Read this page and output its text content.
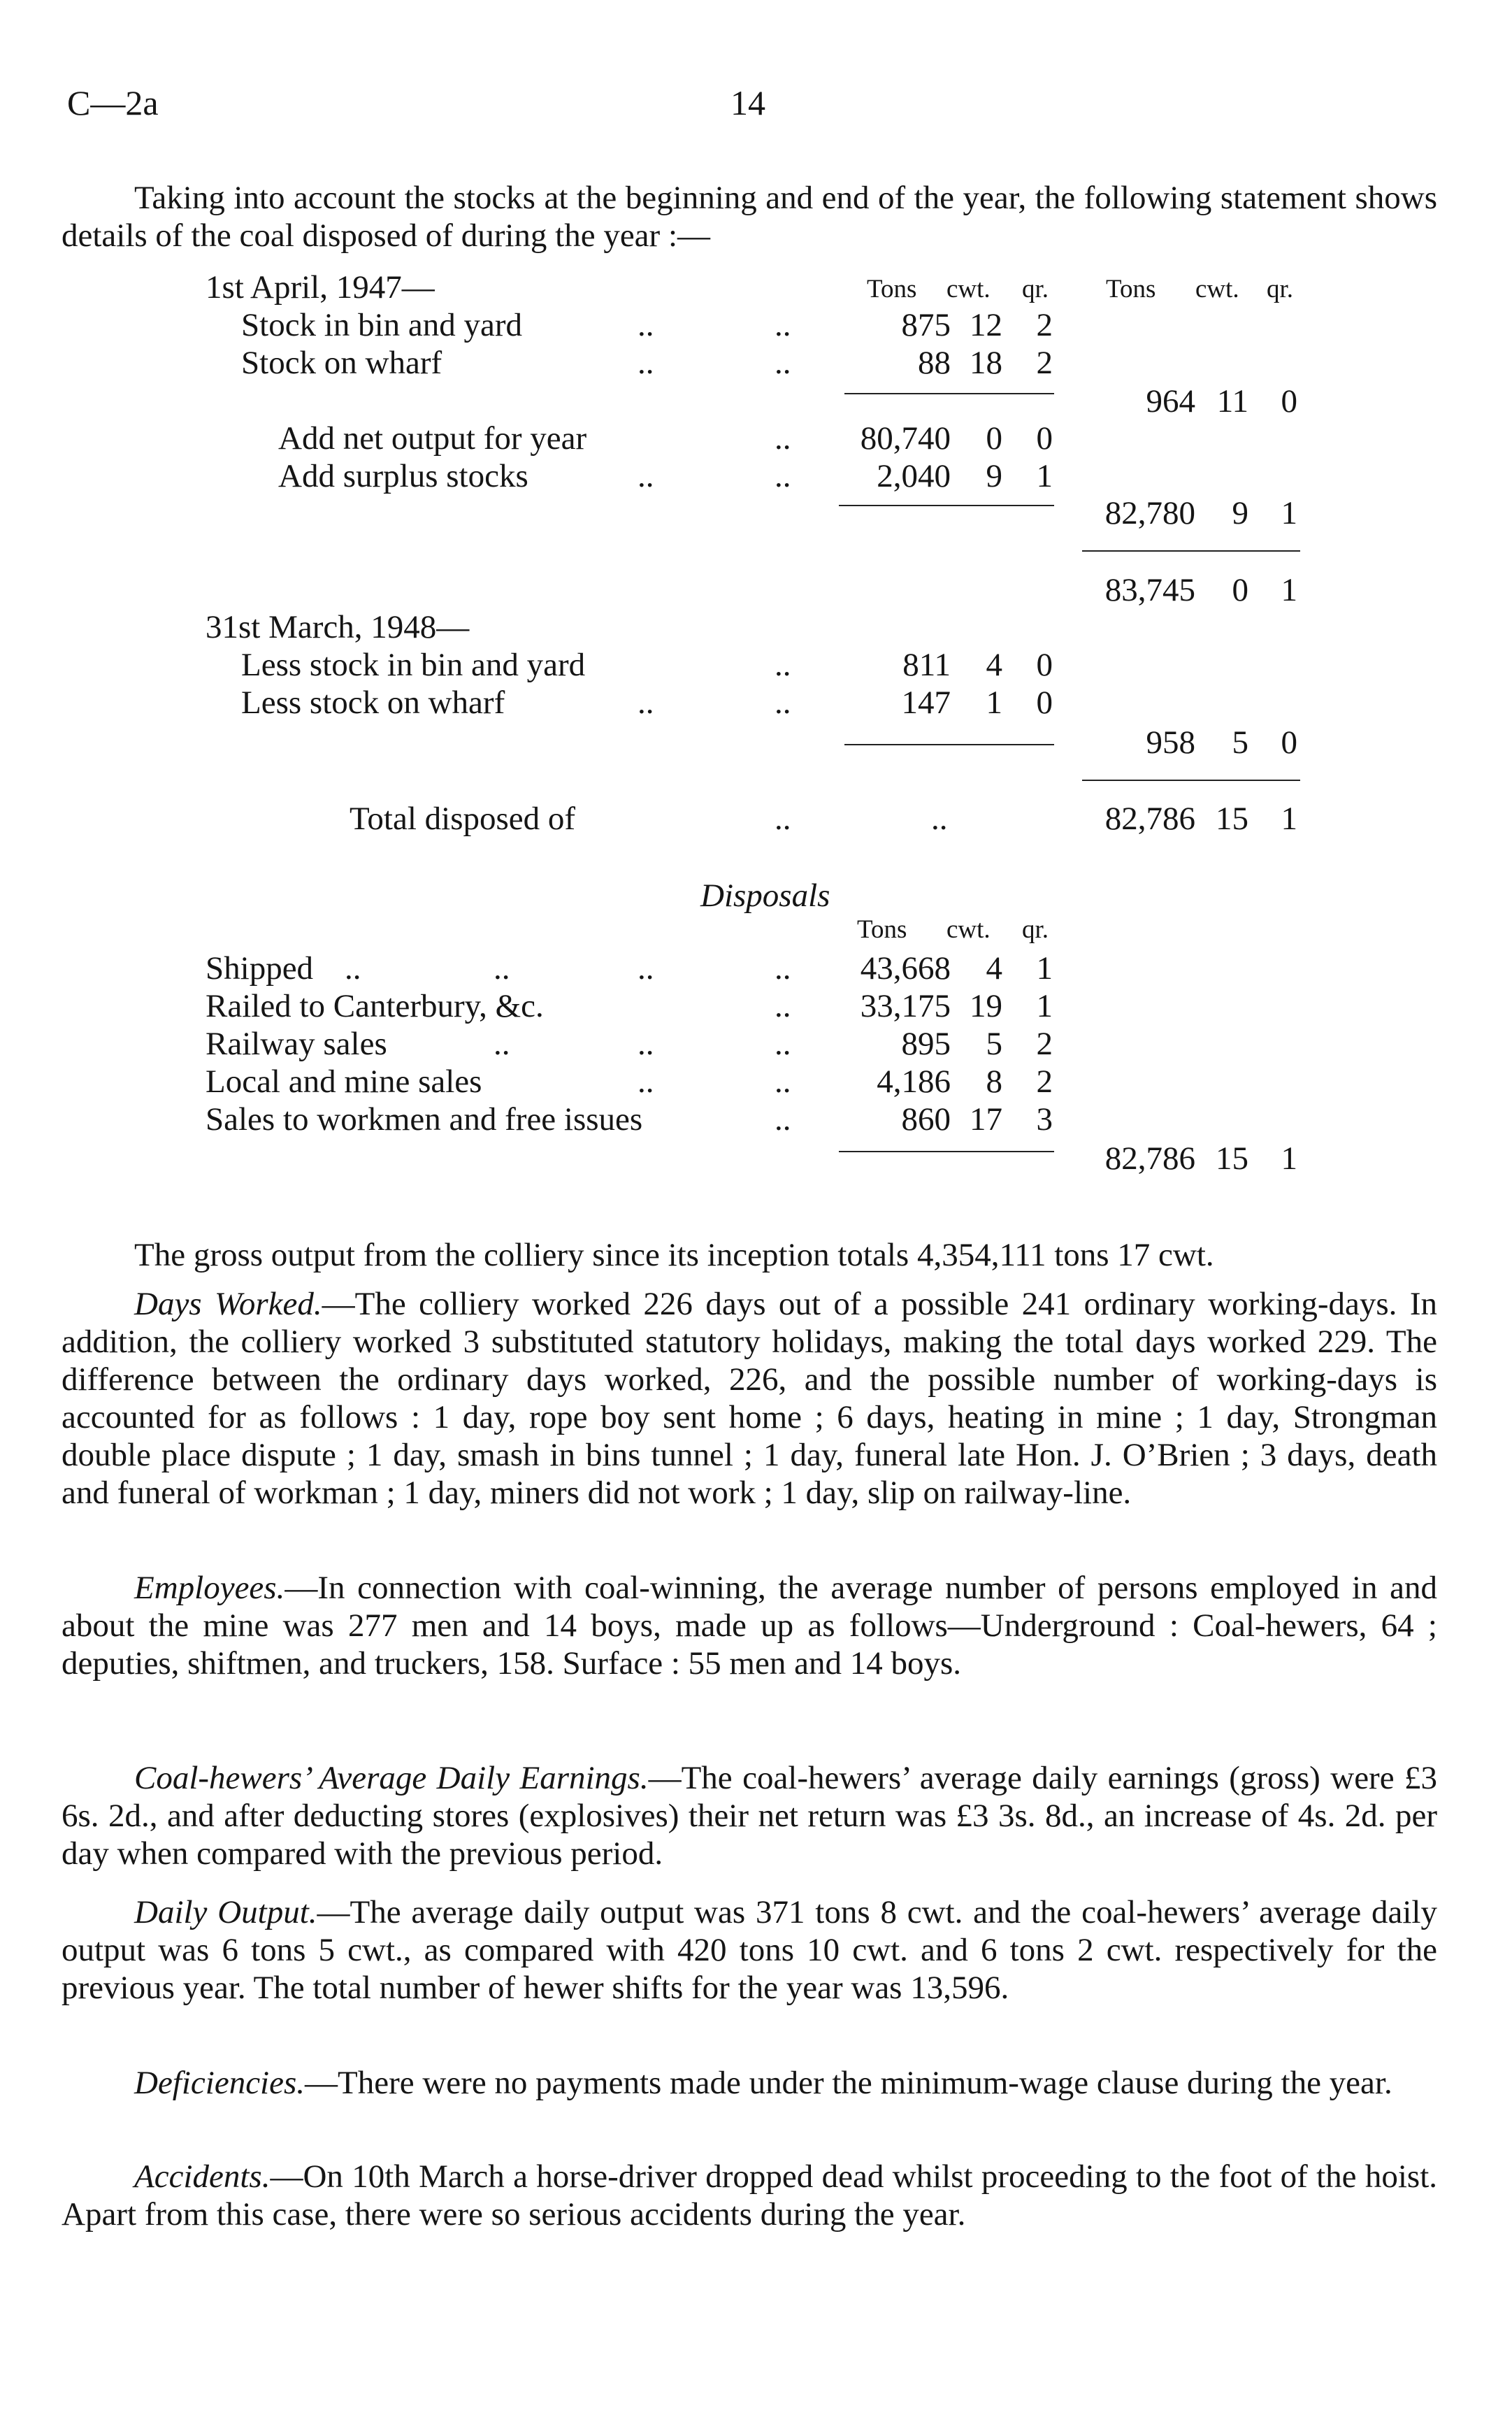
C—2a	14
Taking into account the stocks at the beginning and end of the year, the following statement shows details of the coal disposed of during the year :—
Tons cwt. qr. Tons cwt. qr.
1st April, 1947—
Stock in bin and yard	..	..	875 12	2
Stock on wharf	..	..	88 18	2
964 11 0
Add net output for year	..	80,740	0	0
Add surplus stocks	..	..	2,040	9	1
82,780	9 1
83,745	0 1
31st March, 1948—
Less stock in bin and yard	..	811	4	0
Less stock on wharf	..	..	147	1	0
958	5 0
Total disposed of	..	..	82,786 15 1
Disposals
Tons cwt. qr.
Shipped ..	..	..	..	43,668	4	1
Railed to Canterbury, &c.	..	33,175 19	1
Railway sales	..	..	..	895	5	2
Local and mine sales	..	..	4,186	8	2
Sales to workmen and free issues	..	860 17	3
82,786 15 1
The gross output from the colliery since its inception totals 4,354,111 tons 17 cwt.
Days Worked.—The colliery worked 226 days out of a possible 241 ordinary working-days. In addition, the colliery worked 3 substituted statutory holidays, making the total days worked 229. The difference between the ordinary days worked, 226, and the possible number of working-days is accounted for as follows : 1 day, rope boy sent home ; 6 days, heating in mine ; 1 day, Strongman double place dispute ; 1 day, smash in bins tunnel ; 1 day, funeral late Hon. J. O’Brien ; 3 days, death and funeral of workman ; 1 day, miners did not work ; 1 day, slip on railway-line.
Employees.—In connection with coal-winning, the average number of persons employed in and about the mine was 277 men and 14 boys, made up as follows—Underground : Coal-hewers, 64 ; deputies, shiftmen, and truckers, 158. Surface : 55 men and 14 boys.
Coal-hewers’ Average Daily Earnings.—The coal-hewers’ average daily earnings (gross) were £3 6s. 2d., and after deducting stores (explosives) their net return was £3 3s. 8d., an increase of 4s. 2d. per day when compared with the previous period.
Daily Output.—The average daily output was 371 tons 8 cwt. and the coal-hewers’ average daily output was 6 tons 5 cwt., as compared with 420 tons 10 cwt. and 6 tons 2 cwt. respectively for the previous year. The total number of hewer shifts for the year was 13,596.
Deficiencies.—There were no payments made under the minimum-wage clause during the year.
Accidents.—On 10th March a horse-driver dropped dead whilst proceeding to the foot of the hoist. Apart from this case, there were so serious accidents during the year.
